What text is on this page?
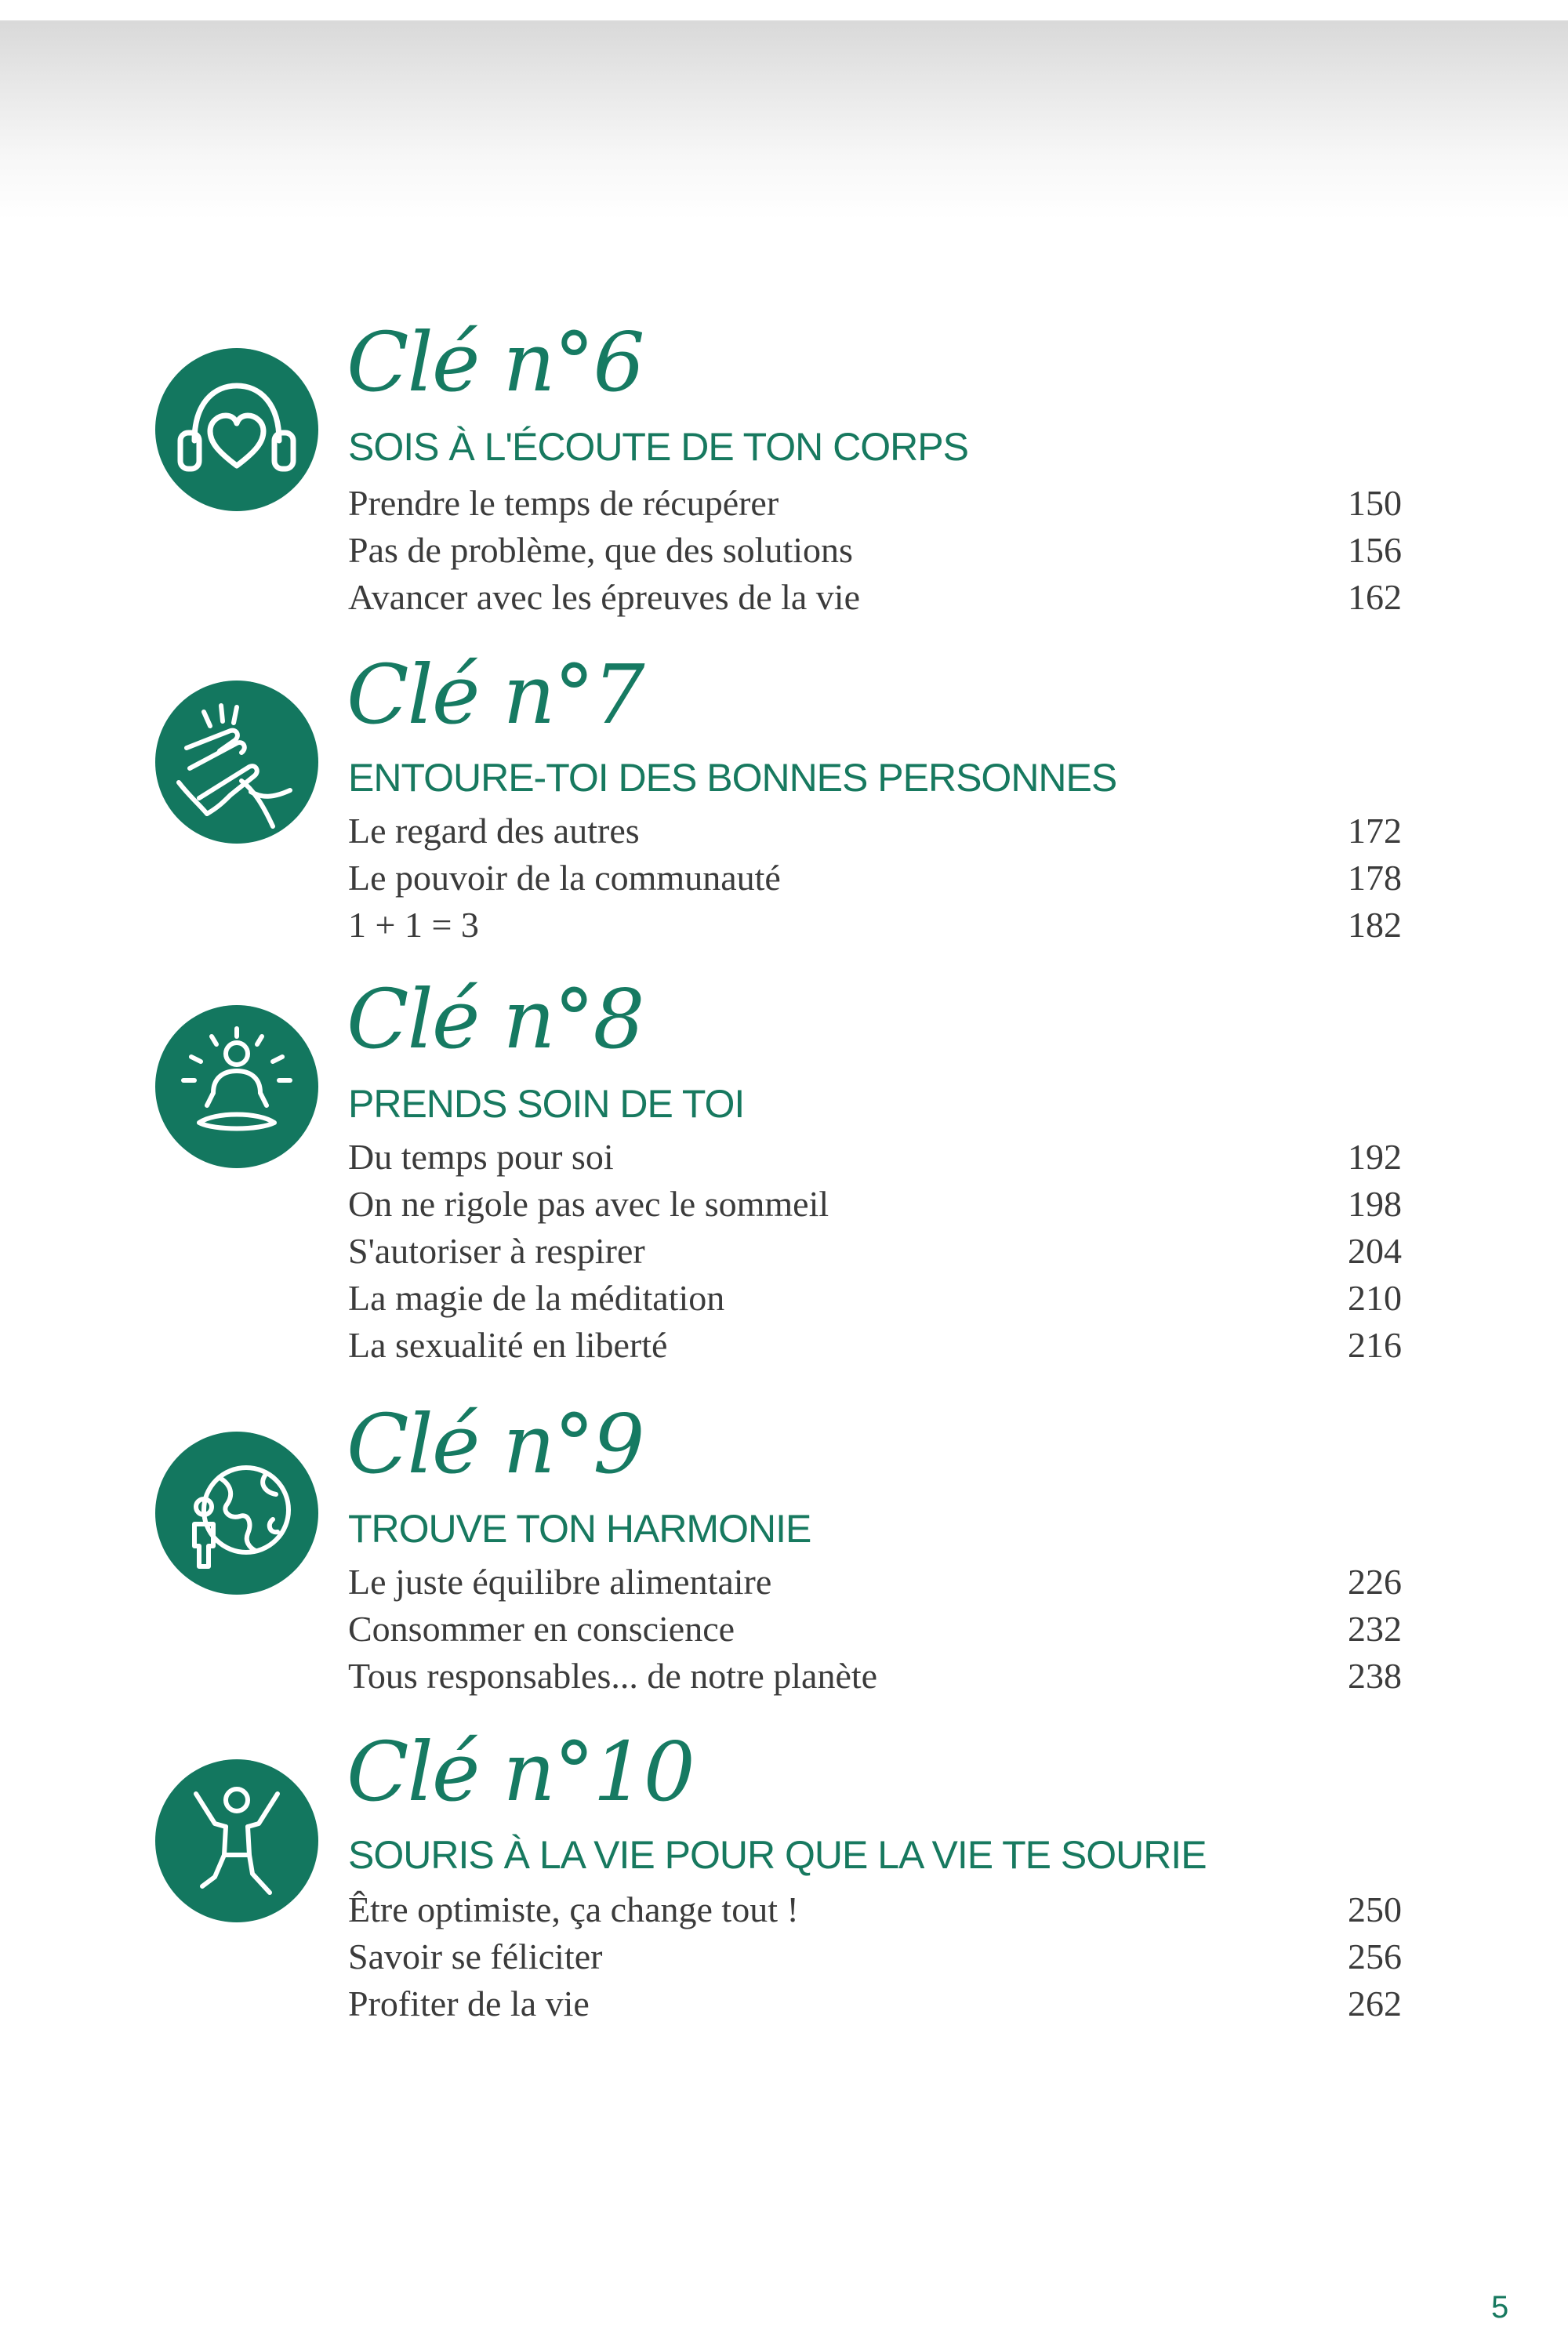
Clé n°6
SOIS À L'ÉCOUTE DE TON CORPS
Prendre le temps de récupérer	150
Pas de problème, que des solutions	156
Avancer avec les épreuves de la vie	162
Clé n°7
ENTOURE-TOI DES BONNES PERSONNES
Le regard des autres	172
Le pouvoir de la communauté	178
1 + 1 = 3	182
Clé n°8
PRENDS SOIN DE TOI
Du temps pour soi	192
On ne rigole pas avec le sommeil	198
S'autoriser à respirer	204
La magie de la méditation	210
La sexualité en liberté	216
Clé n°9
TROUVE TON HARMONIE
Le juste équilibre alimentaire	226
Consommer en conscience	232
Tous responsables... de notre planète	238
Clé n°10
SOURIS À LA VIE POUR QUE LA VIE TE SOURIE
Être optimiste, ça change tout !	250
Savoir se féliciter	256
Profiter de la vie	262
5
